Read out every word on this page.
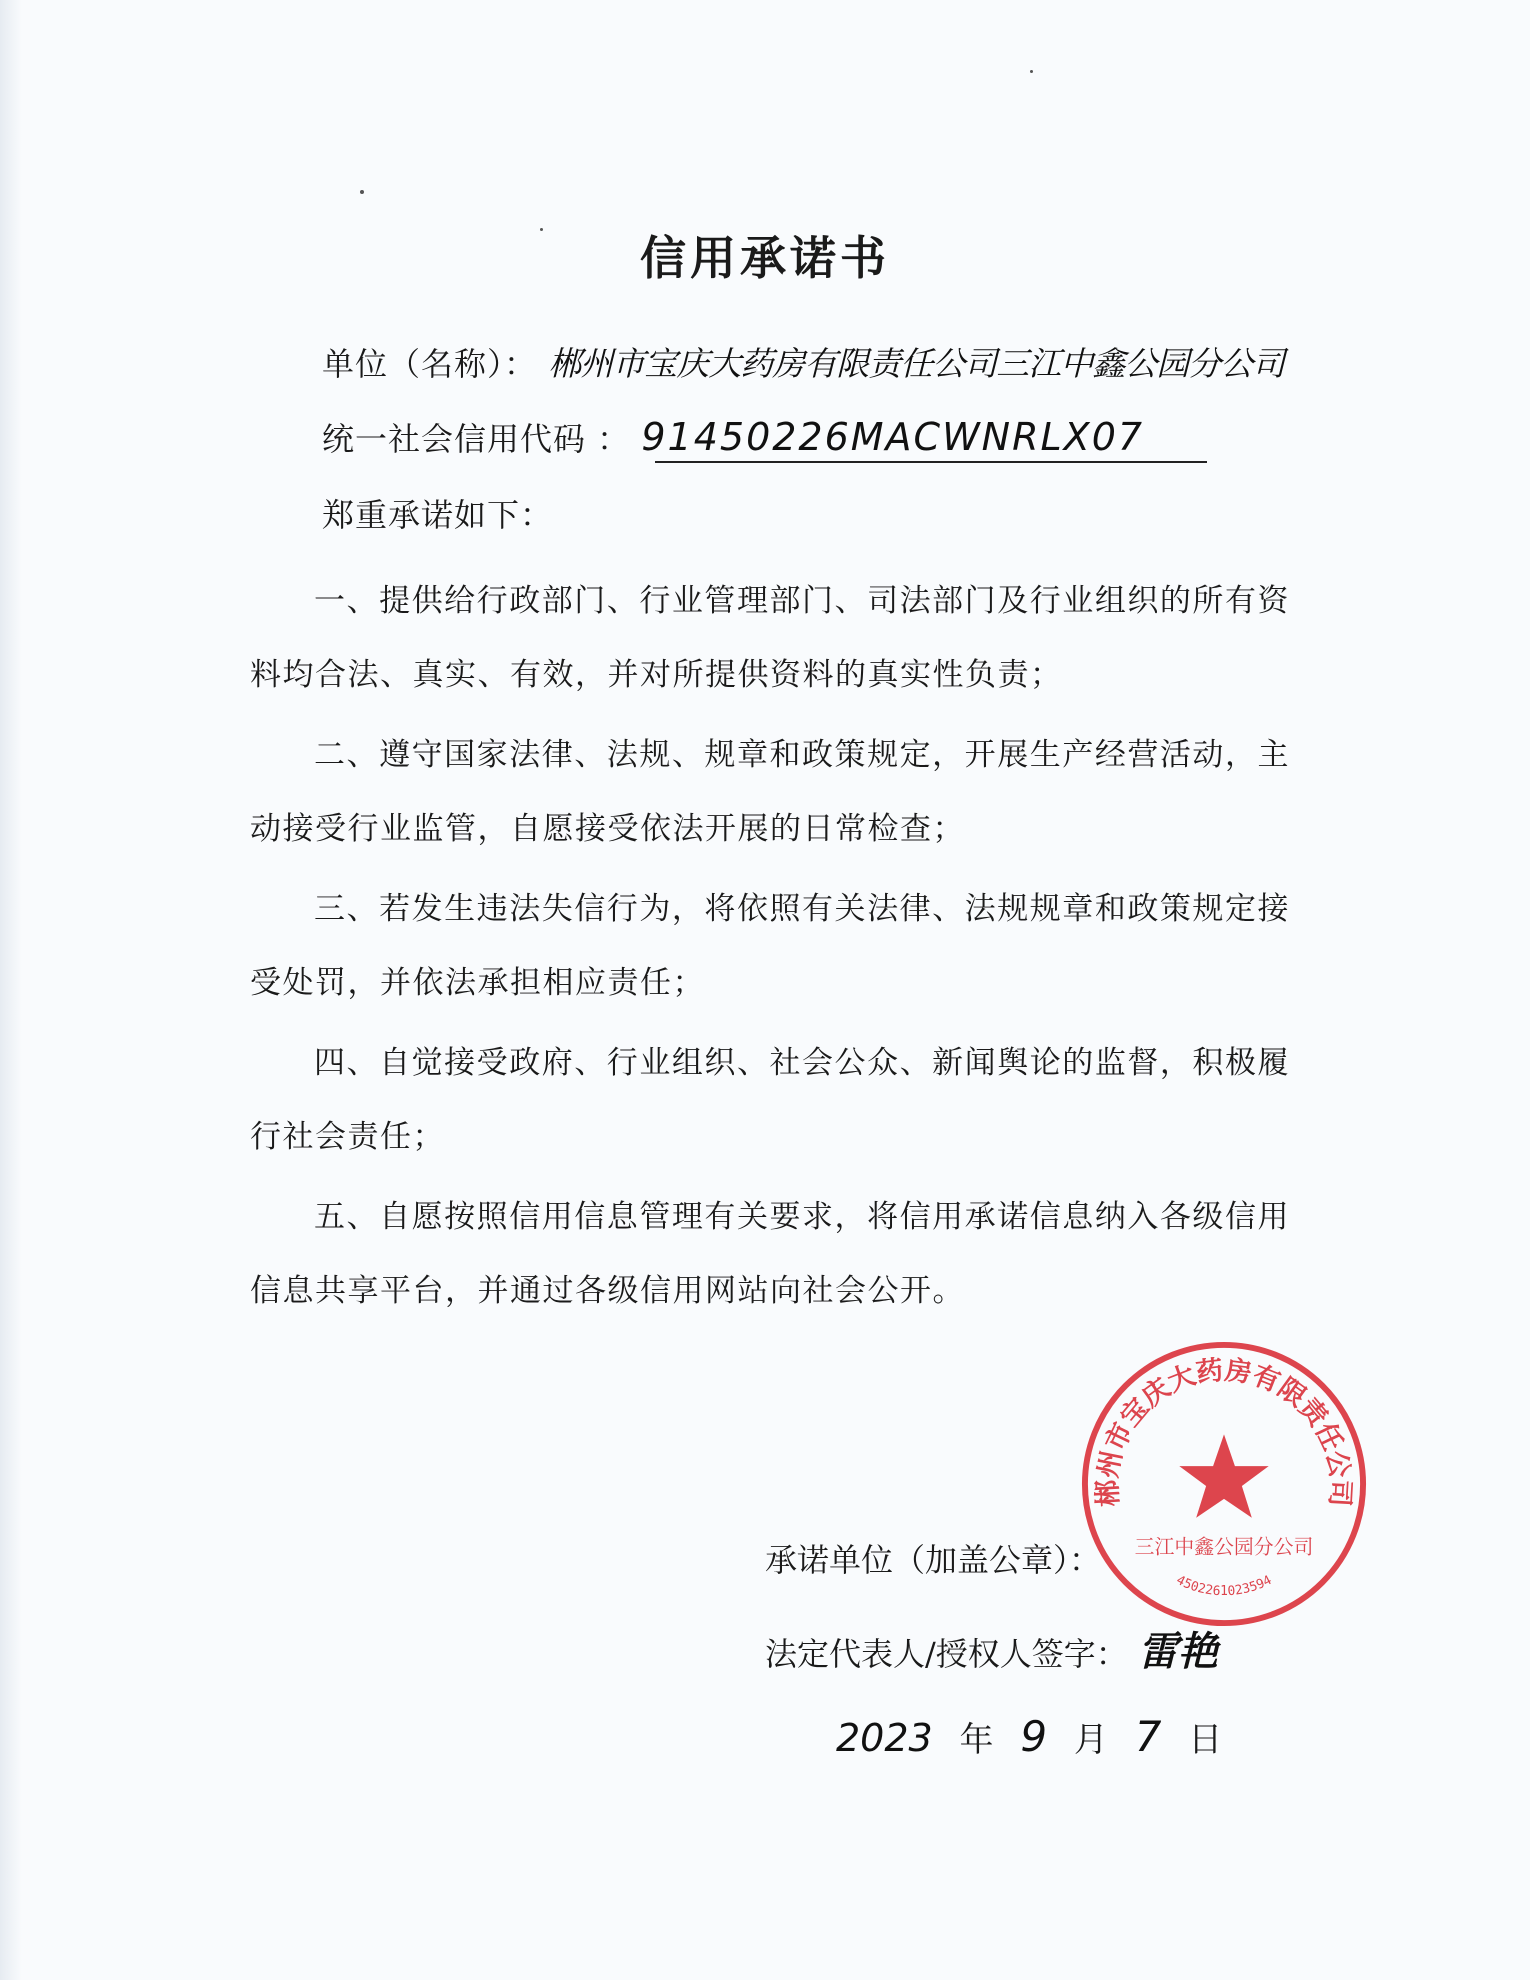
信用承诺书
单位（名称）： 郴州市宝庆大药房有限责任公司三江中鑫公园分公司
统一社会信用代码 ： 91450226MACWNRLX07
郑重承诺如下：
一、提供给行政部门、行业管理部门、司法部门及行业组织的所有资料均合法、真实、有效，并对所提供资料的真实性负责；
二、遵守国家法律、法规、规章和政策规定，开展生产经营活动，主动接受行业监管，自愿接受依法开展的日常检查；
三、若发生违法失信行为，将依照有关法律、法规规章和政策规定接受处罚，并依法承担相应责任；
四、自觉接受政府、行业组织、社会公众、新闻舆论的监督，积极履行社会责任；
五、自愿按照信用信息管理有关要求，将信用承诺信息纳入各级信用信息共享平台，并通过各级信用网站向社会公开。
承诺单位（加盖公章）：
法定代表人/授权人签字： 雷艳
2023 年 9 月 7 日
郴州市宝庆大药房有限责任公司
三江中鑫公园分公司
4502261023594
